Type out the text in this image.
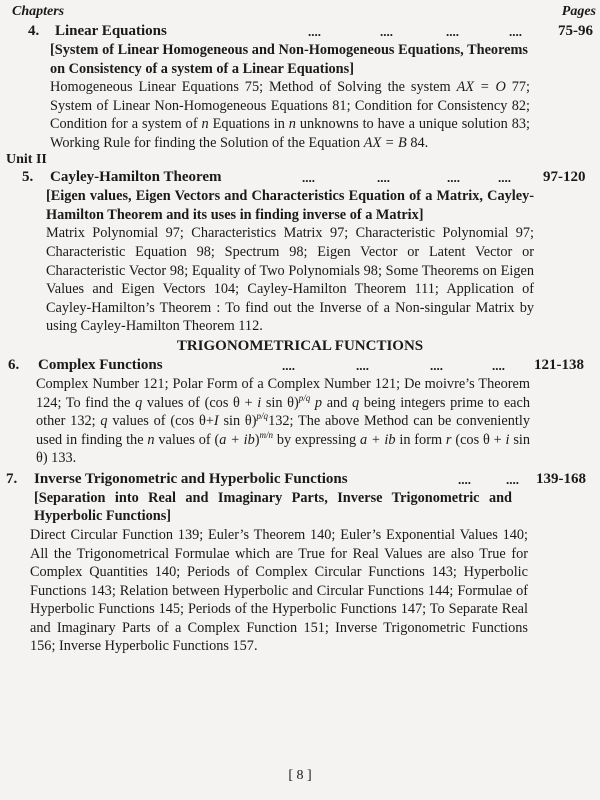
Chapters	Pages
4. Linear Equations	....	....	....	.... 75-96
[System of Linear Homogeneous and Non-Homogeneous Equations, Theorems on Consistency of a system of a Linear Equations]
Homogeneous Linear Equations 75; Method of Solving the system AX = O 77; System of Linear Non-Homogeneous Equations 81; Condition for Consistency 82; Condition for a system of n Equations in n unknowns to have a unique solution 83; Working Rule for finding the Solution of the Equation AX = B 84.
Unit II
5. Cayley-Hamilton Theorem	....	....	....	.... 97-120
[Eigen values, Eigen Vectors and Characteristics Equation of a Matrix, Cayley-Hamilton Theorem and its uses in finding inverse of a Matrix]
Matrix Polynomial 97; Characteristics Matrix 97; Characteristic Polynomial 97; Characteristic Equation 98; Spectrum 98; Eigen Vector or Latent Vector or Characteristic Vector 98; Equality of Two Polynomials 98; Some Theorems on Eigen Values and Eigen Vectors 104; Cayley-Hamilton Theorem 111; Application of Cayley-Hamilton’s Theorem : To find out the Inverse of a Non-singular Matrix by using Cayley-Hamilton Theorem 112.
TRIGONOMETRICAL FUNCTIONS
6. Complex Functions	....	....	....	.... 121-138
Complex Number 121; Polar Form of a Complex Number 121; De moivre’s Theorem 124; To find the q values of (cos θ + i sin θ)$^{p/q}$ p and q being integers prime to each other 132; q values of (cos θ+I sin θ)$^{p/q}$132; The above Method can be conveniently used in finding the n values of (a + ib)$^{m/n}$ by expressing a + ib in form r (cos θ + i sin θ) 133.
7. Inverse Trigonometric and Hyperbolic Functions	....	.... 139-168
[Separation into Real and Imaginary Parts, Inverse Trigonometric and Hyperbolic Functions]
Direct Circular Function 139; Euler’s Theorem 140; Euler’s Exponential Values 140; All the Trigonometrical Formulae which are True for Real Values are also True for Complex Quantities 140; Periods of Complex Circular Functions 143; Hyperbolic Functions 143; Relation between Hyperbolic and Circular Functions 144; Formulae of Hyperbolic Functions 145; Periods of the Hyperbolic Functions 147; To Separate Real and Imaginary Parts of a Complex Function 151; Inverse Trigonometric Functions 156; Inverse Hyperbolic Functions 157.
[ 8 ]
